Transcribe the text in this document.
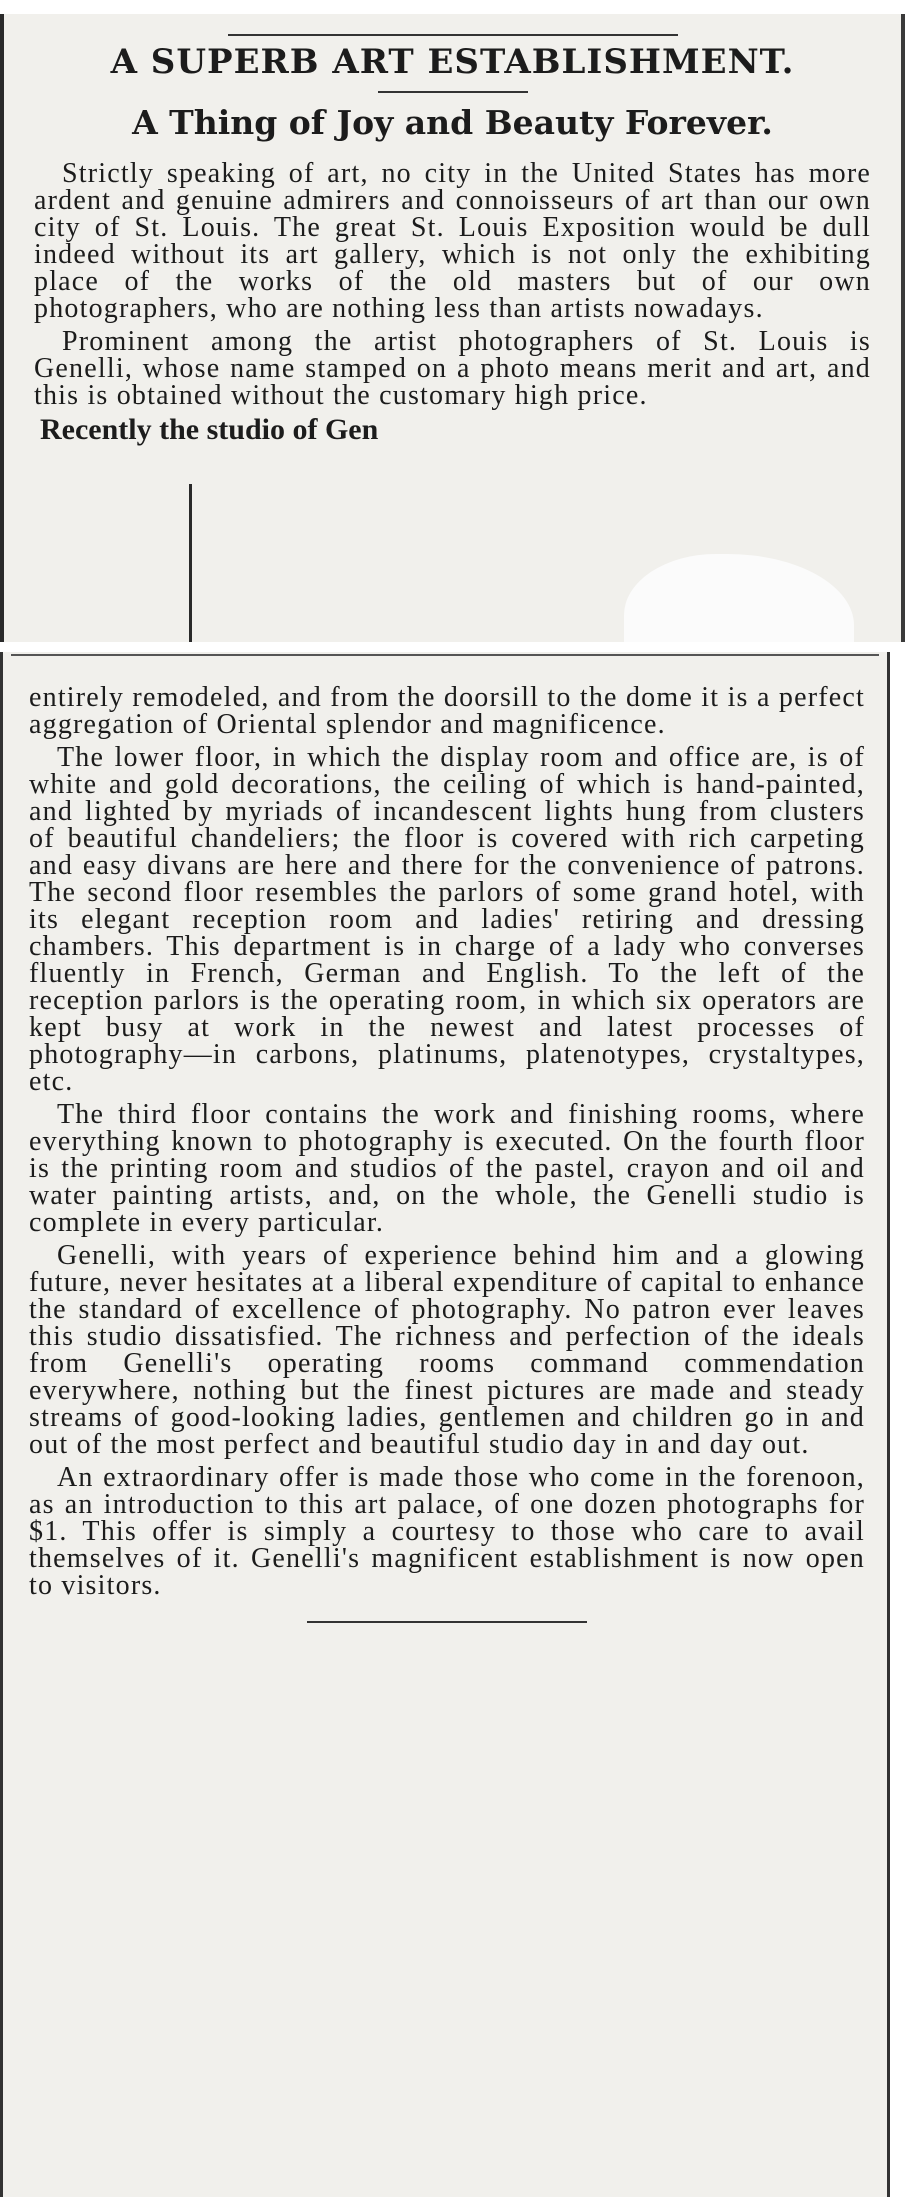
A SUPERB ART ESTABLISHMENT.
A Thing of Joy and Beauty Forever.

Strictly speaking of art, no city in the United States has more ardent and genuine admirers and connoisseurs of art than our own city of St. Louis. The great St. Louis Exposition would be dull indeed without its art gallery, which is not only the exhibiting place of the works of the old masters but of our own photographers, who are nothing less than artists nowadays.

Prominent among the artist photographers of St. Louis is Genelli, whose name stamped on a photo means merit and art, and this is obtained without the customary high price.

Recently the studio of Gen

entirely remodeled, and from the doorsill to the dome it is a perfect aggregation of Oriental splendor and magnificence.

The lower floor, in which the display room and office are, is of white and gold decorations, the ceiling of which is hand-painted, and lighted by myriads of incandescent lights hung from clusters of beautiful chandeliers; the floor is covered with rich carpeting and easy divans are here and there for the convenience of patrons. The second floor resembles the parlors of some grand hotel, with its elegant reception room and ladies' retiring and dressing chambers. This department is in charge of a lady who converses fluently in French, German and English. To the left of the reception parlors is the operating room, in which six operators are kept busy at work in the newest and latest processes of photography—in carbons, platinums, platenotypes, crystaltypes, etc.

The third floor contains the work and finishing rooms, where everything known to photography is executed. On the fourth floor is the printing room and studios of the pastel, crayon and oil and water painting artists, and, on the whole, the Genelli studio is complete in every particular.

Genelli, with years of experience behind him and a glowing future, never hesitates at a liberal expenditure of capital to enhance the standard of excellence of photography. No patron ever leaves this studio dissatisfied. The richness and perfection of the ideals from Genelli's operating rooms command commendation everywhere, nothing but the finest pictures are made and steady streams of good-looking ladies, gentlemen and children go in and out of the most perfect and beautiful studio day in and day out.

An extraordinary offer is made those who come in the forenoon, as an introduction to this art palace, of one dozen photographs for $1. This offer is simply a courtesy to those who care to avail themselves of it. Genelli's magnificent establishment is now open to visitors.
